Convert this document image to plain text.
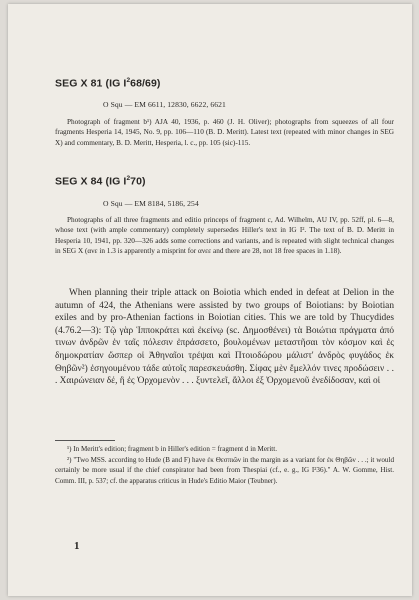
SEG X 81 (IG $I^268/69$)
O Squ — EM 6611, 12830, 6622, 6621
Photograph of fragment b¹) AJA 40, 1936, p. 460 (J. H. Oliver); photographs from squeezes of all four fragments Hesperia 14, 1945, No. 9, pp. 106—110 (B. D. Meritt). Latest text (repeated with minor changes in SEG X) and commentary, B. D. Meritt, Hesperia, l. c., pp. 105 (sic)-115.
SEG X 84 (IG $I^270$)
O Squ — EM 8184, 5186, 254
Photographs of all three fragments and editio princeps of fragment c, Ad. Wilhelm, AU IV, pp. 52ff, pl. 6—8, whose text (with ample commentary) completely supersedes Hiller's text in IG I². The text of B. D. Meritt in Hesperia 10, 1941, pp. 320—326 adds some corrections and variants, and is repeated with slight technical changes in SEG X (ανε in 1.3 is apparently a misprint for ανεε and there are 28, not 18 free spaces in 1.18).
When planning their triple attack on Boiotia which ended in defeat at Delion in the autumn of 424, the Athenians were assisted by two groups of Boiotians: by Boiotian exiles and by pro-Athenian factions in Boiotian cities. This we are told by Thucydides (4.76.2—3): Τῷ γὰρ Ἱπποκράτει καὶ ἐκείνῳ (sc. Δημοσθένει) τὰ Βοιώτια πράγματα ἀπό τινων ἀνδρῶν ἐν ταῖς πόλεσιν ἐπράσσετο, βουλομένων μεταστῆσαι τὸν κόσμον καὶ ἐς δημοκρατίαν ὥσπερ οἱ Ἀθηναῖοι τρέψαι καὶ Πτοιοδώρου μάλιστ' ἀνδρὸς φυγάδος ἐκ Θηβῶν²) ἐσηγουμένου τάδε αὐτοῖς παρεσκευάσθη. Σίφας μὲν ἔμελλόν τινες προδώσειν . . . Χαιρώνειαν δέ, ἣ ἐς Ὀρχομενὸν . . . ξυντελεῖ, ἄλλοι ἐξ Ὀρχομενοῦ ἐνεδίδοσαν, καὶ οἱ

¹) In Meritt's edition; fragment b in Hiller's edition = fragment d in Meritt.

²) "Two MSS. according to Hude (B and F) have ἐκ Θεσπιῶν in the margin as a variant for ἐκ Θηβῶν . . .; it would certainly be more usual if the chief conspirator had been from Thespiai (cf., e. g., IG I²36)." A. W. Gomme, Hist. Comm. III, p. 537; cf. the apparatus criticus in Hude's Editio Maior (Teubner).

1
